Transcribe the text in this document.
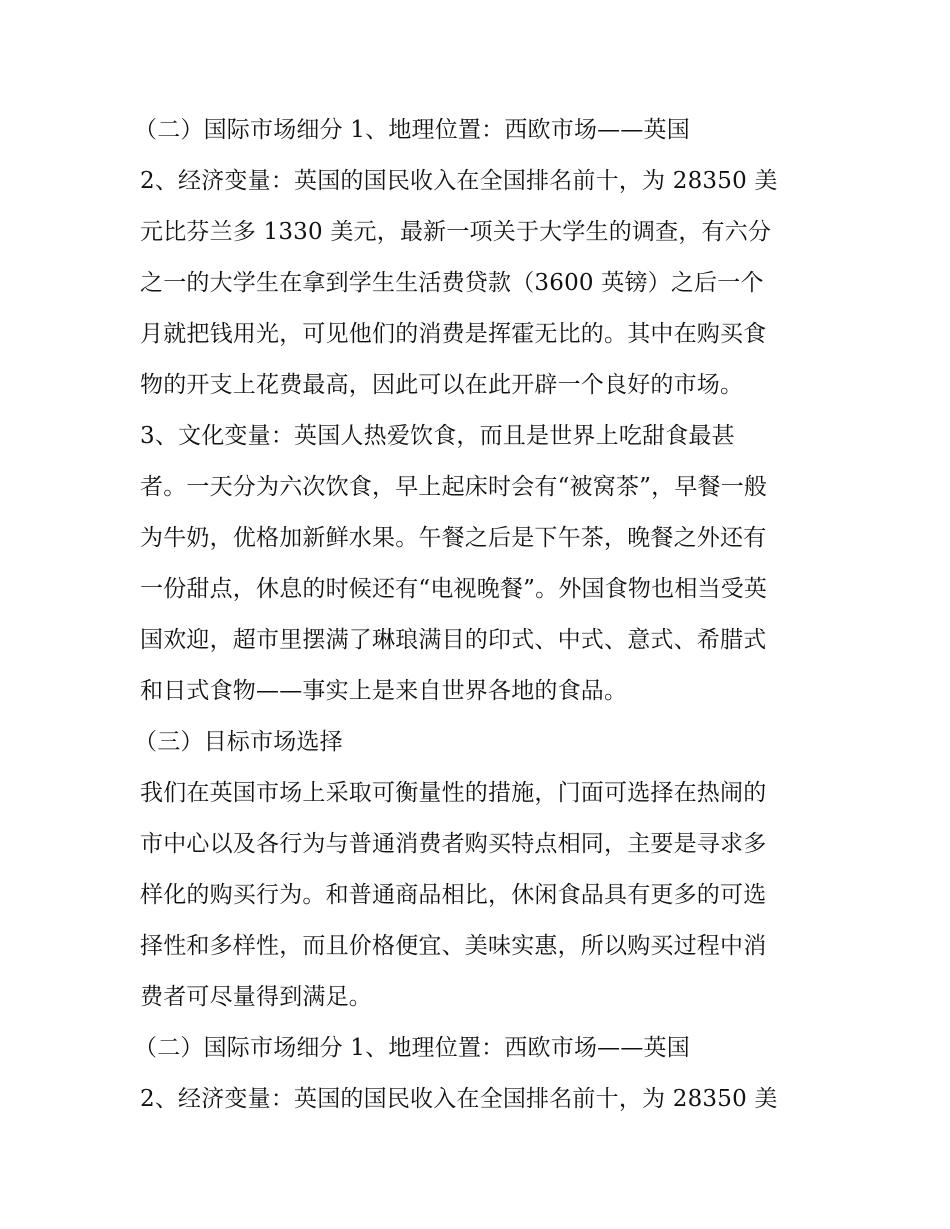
（二）国际市场细分 1、地理位置：西欧市场——英国
2、经济变量：英国的国民收入在全国排名前十，为 28350 美
元比芬兰多 1330 美元，最新一项关于大学生的调查，有六分
之一的大学生在拿到学生生活费贷款（3600 英镑）之后一个
月就把钱用光，可见他们的消费是挥霍无比的。其中在购买食
物的开支上花费最高，因此可以在此开辟一个良好的市场。
3、文化变量：英国人热爱饮食，而且是世界上吃甜食最甚
者。一天分为六次饮食，早上起床时会有“被窝茶”，早餐一般
为牛奶，优格加新鲜水果。午餐之后是下午茶，晚餐之外还有
一份甜点，休息的时候还有“电视晚餐”。外国食物也相当受英
国欢迎，超市里摆满了琳琅满目的印式、中式、意式、希腊式
和日式食物——事实上是来自世界各地的食品。
（三）目标市场选择
我们在英国市场上采取可衡量性的措施，门面可选择在热闹的
市中心以及各行为与普通消费者购买特点相同，主要是寻求多
样化的购买行为。和普通商品相比，休闲食品具有更多的可选
择性和多样性，而且价格便宜、美味实惠，所以购买过程中消
费者可尽量得到满足。
（二）国际市场细分 1、地理位置：西欧市场——英国
2、经济变量：英国的国民收入在全国排名前十，为 28350 美
